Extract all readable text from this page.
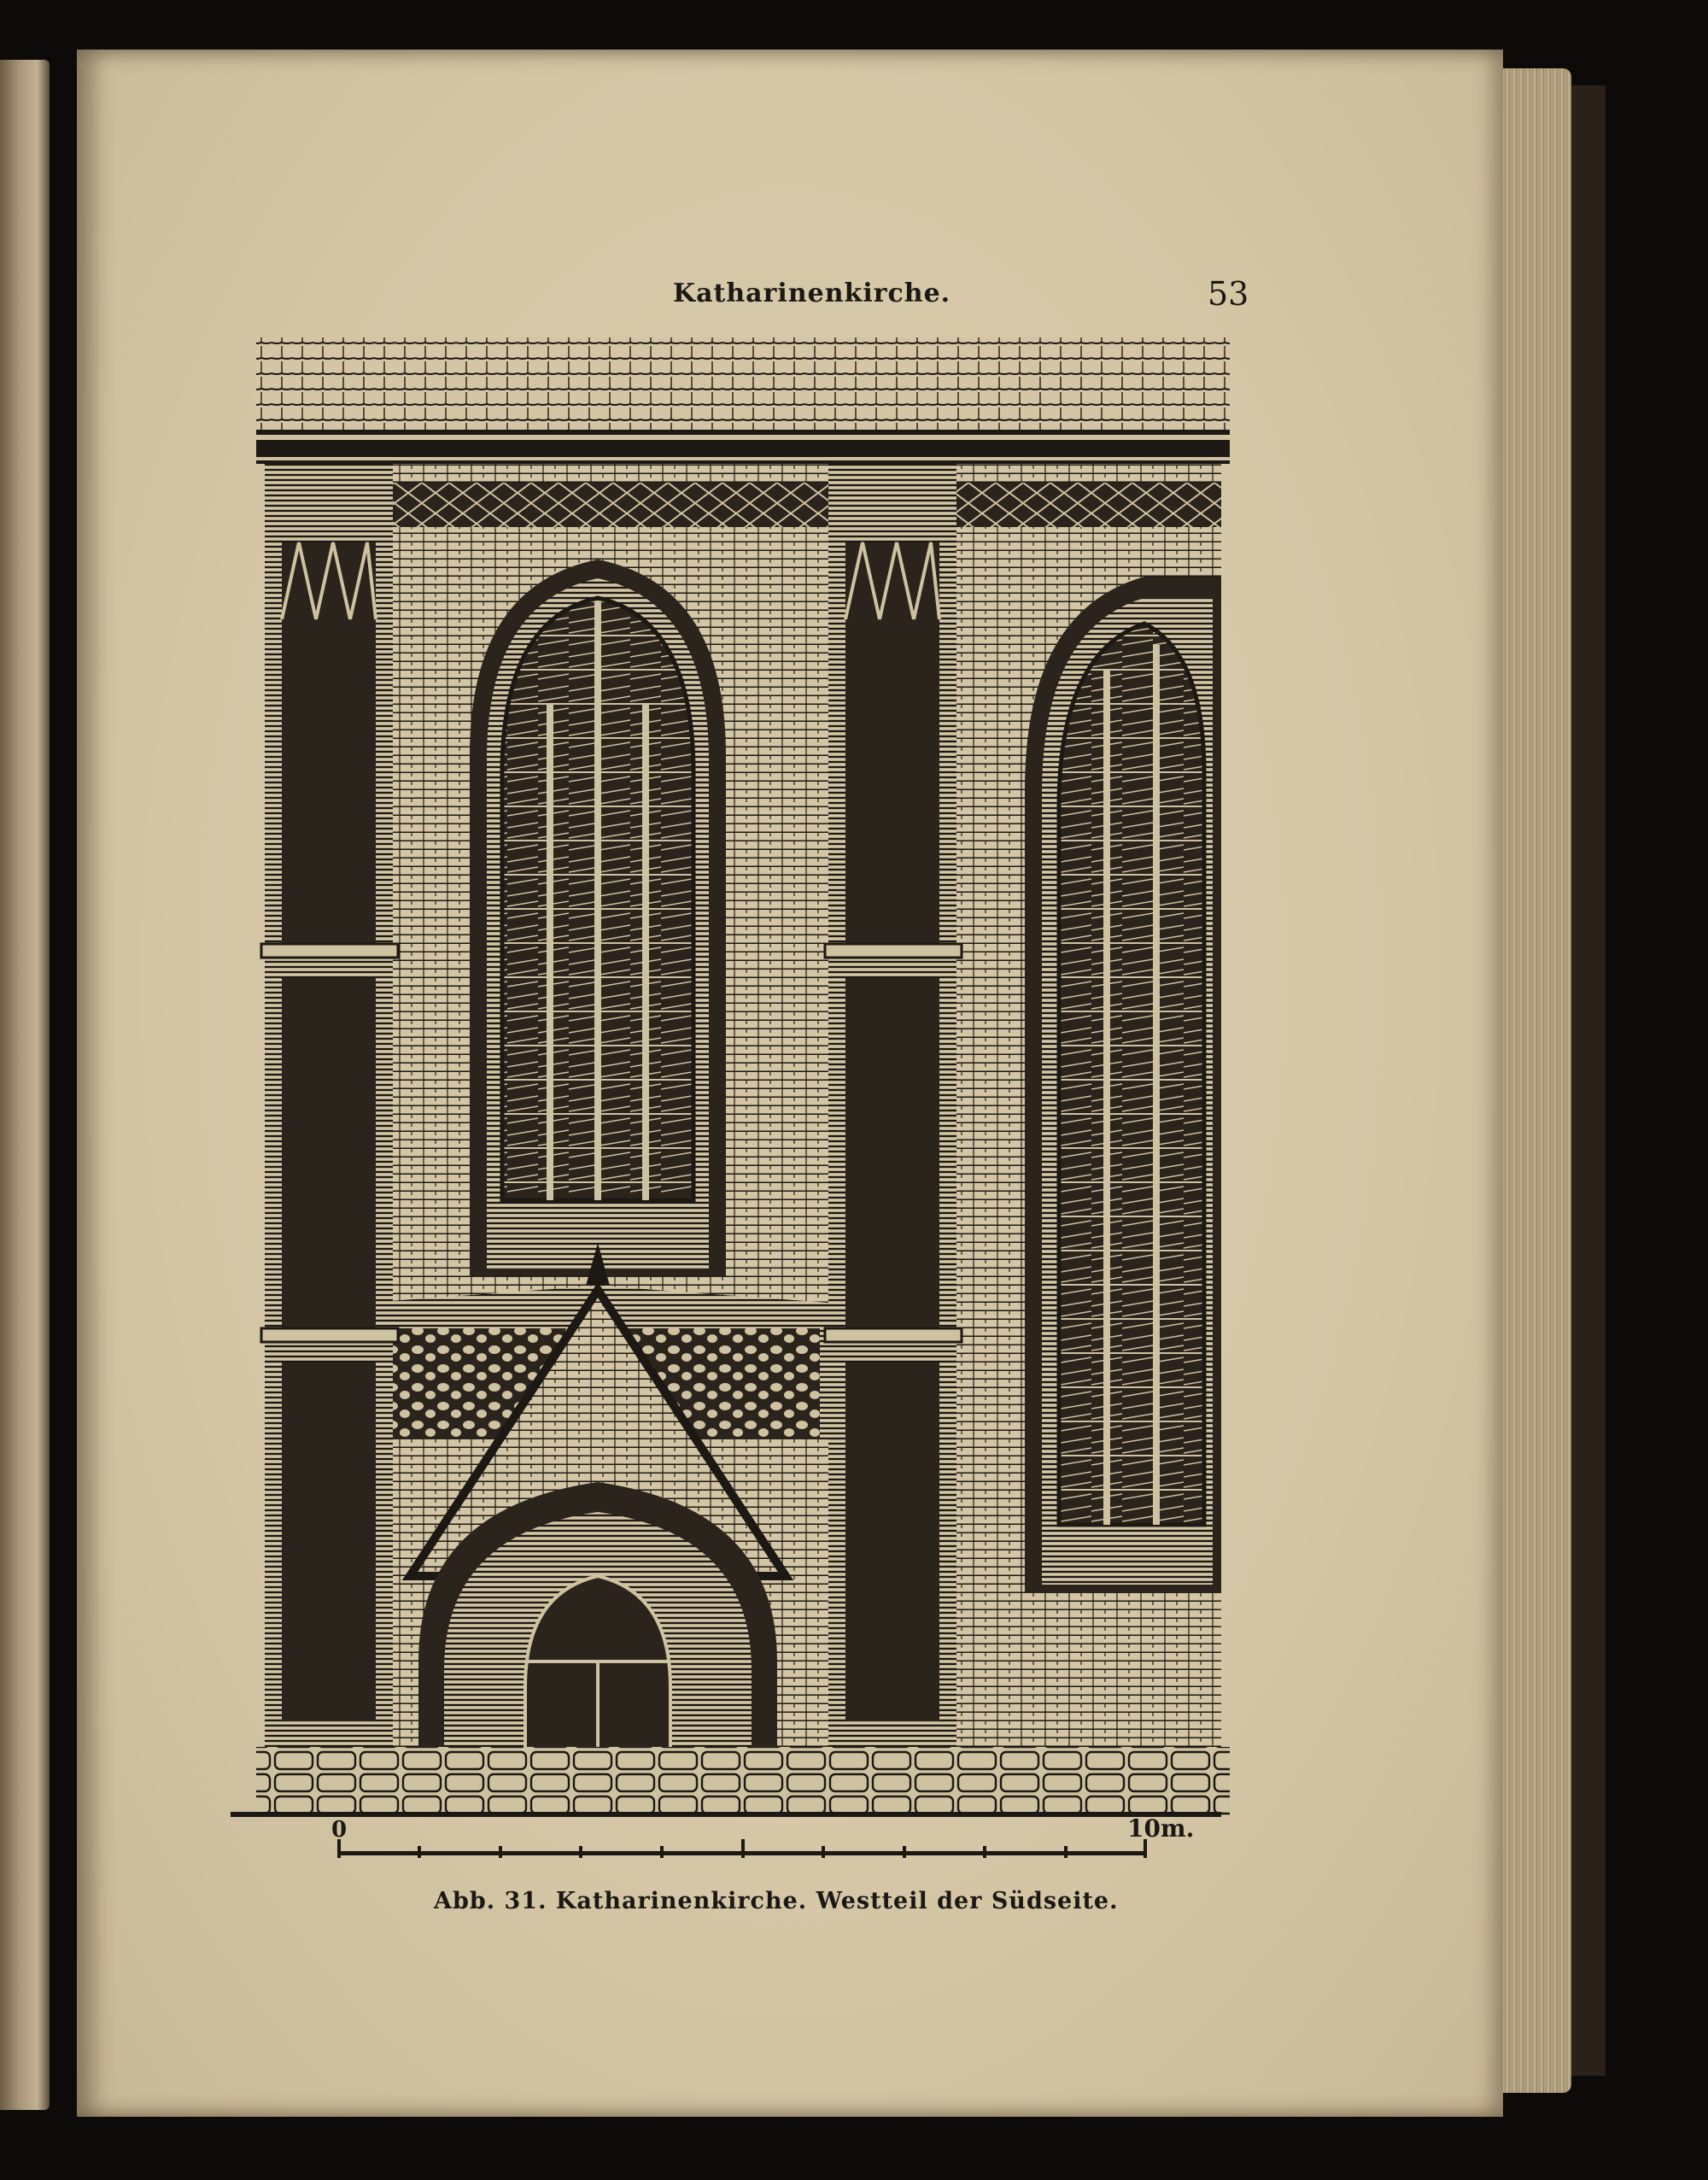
Katharinenkirche.	53
0	10m.
Abb. 31. Katharinenkirche. Westteil der Südseite.
